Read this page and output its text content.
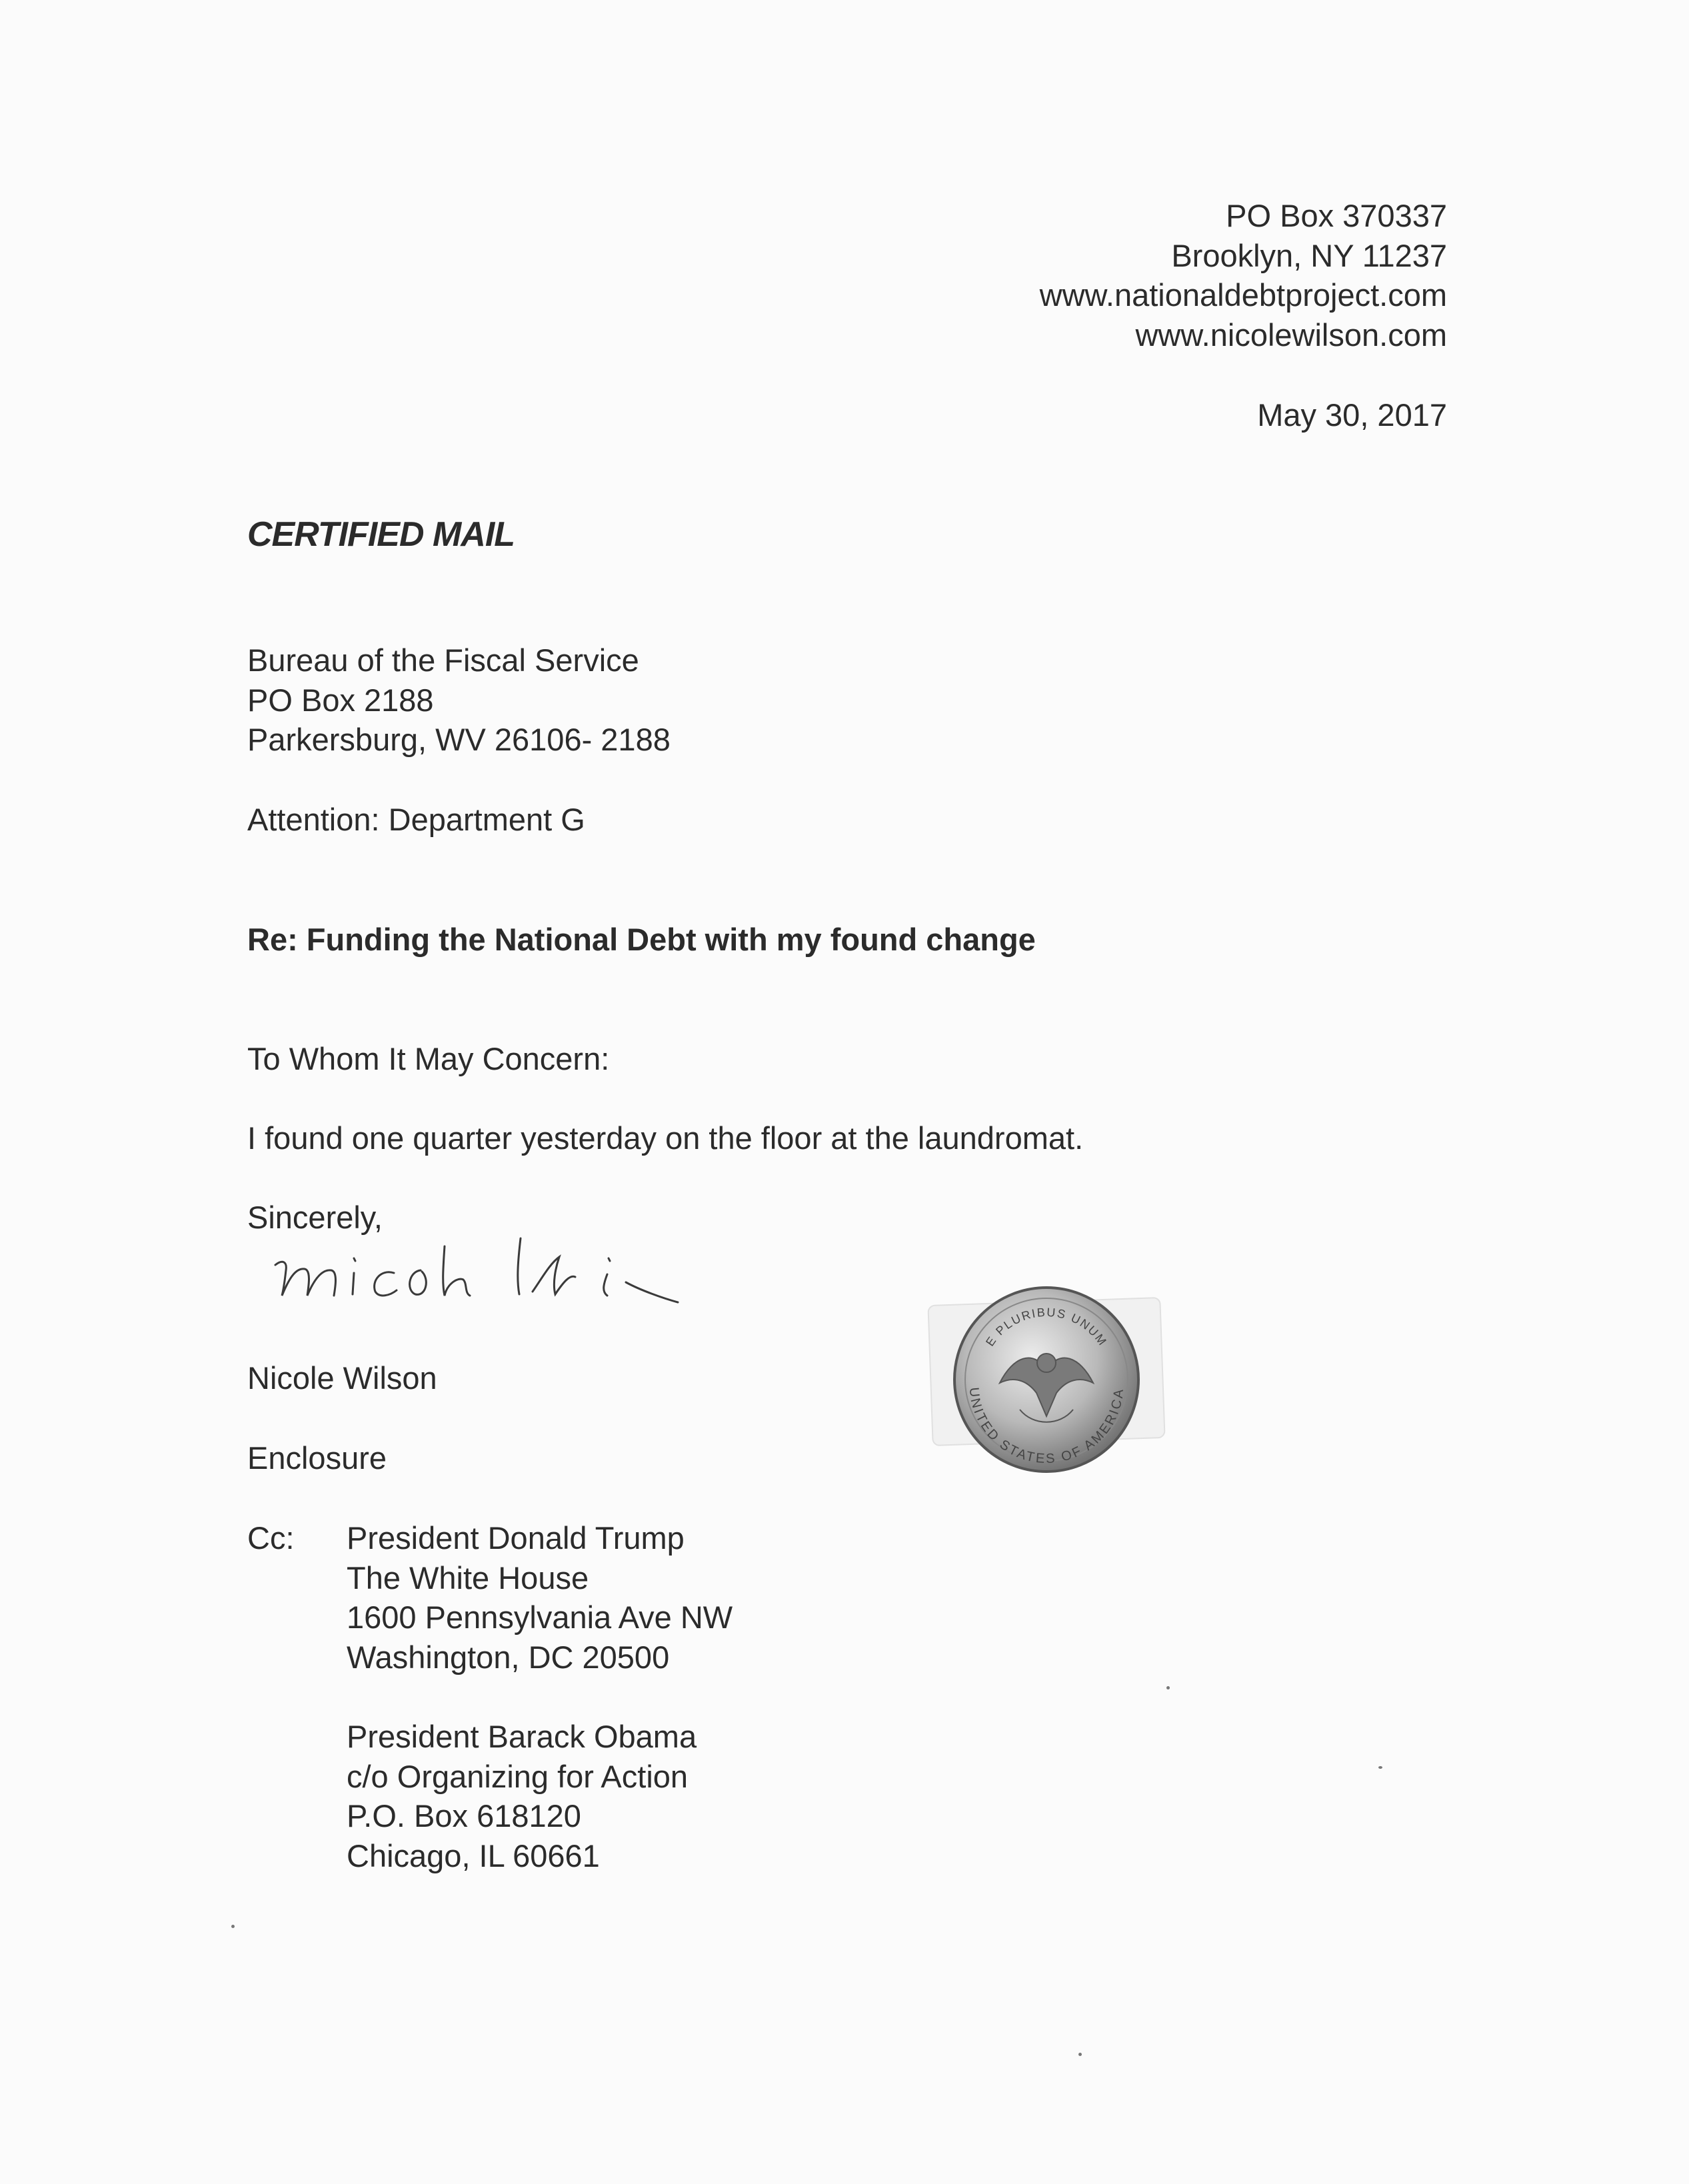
PO Box 370337
Brooklyn, NY 11237
www.nationaldebtproject.com
www.nicolewilson.com
May 30, 2017
CERTIFIED MAIL
Bureau of the Fiscal Service
PO Box 2188
Parkersburg, WV 26106- 2188
Attention: Department G
Re: Funding the National Debt with my found change
To Whom It May Concern:
I found one quarter yesterday on the floor at the laundromat.
Sincerely,
Nicole Wilson
Enclosure
Cc: President Donald Trump
The White House
1600 Pennsylvania Ave NW
Washington, DC 20500
President Barack Obama
c/o Organizing for Action
P.O. Box 618120
Chicago, IL 60661
E PLURIBUS UNUM
UNITED STATES OF AMERICA
